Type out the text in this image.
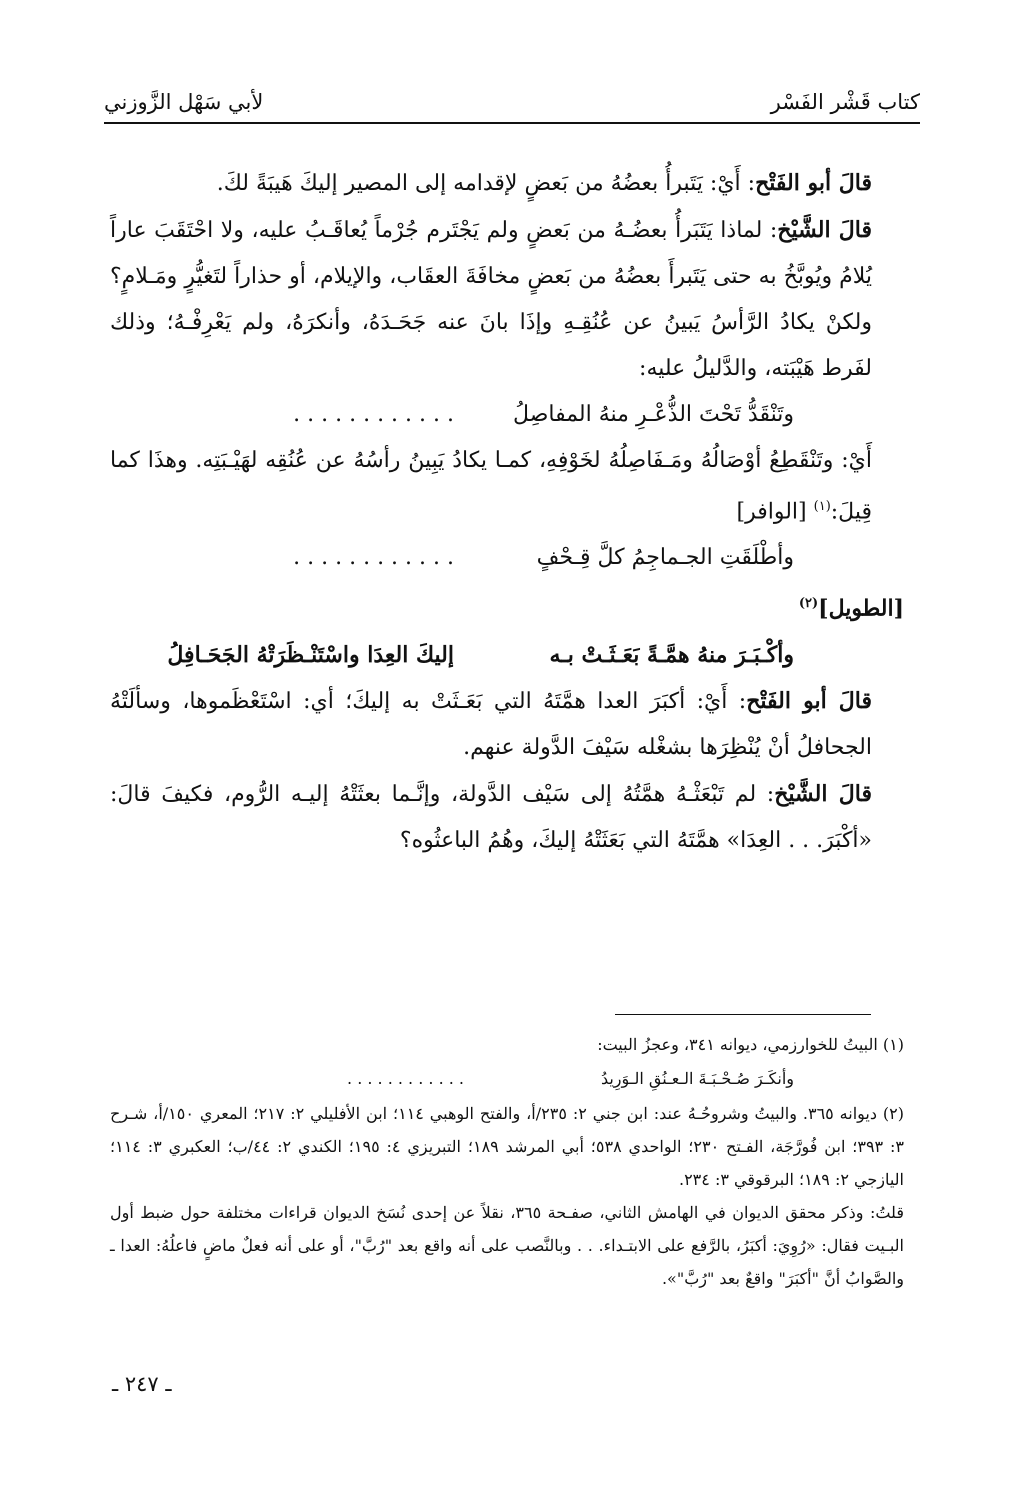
لأبي سَهْل الزَّوزني	كتاب قَشْر الفَسْر

قالَ أبو الفَتْح: أَيْ: يَتَبرأُ بعضُهُ من بَعضٍ لإقدامه إلى المصير إليكَ هَيبَةً لكَ.

قالَ الشَّيْخ: لماذا يَتَبَرأُ بعضُـهُ من بَعضٍ ولم يَجْتَرم جُرْماً يُعاقَـبُ عليه، ولا احْتَقَبَ عاراً يُلامُ ويُوبَّخُ به حتى يَتَبرأَ بعضُهُ من بَعضٍ مخافَةَ العقَاب، والإيلام، أو حذاراً لتَغيُّرٍ ومَـلامٍ؟ ولكنْ يكادُ الرَّأسُ يَبينُ عن عُنُقِـهِ وإذَا بانَ عنه جَحَـدَهُ، وأنكرَهُ، ولم يَعْرِفْـهُ؛ وذلك لفَرط هَيْبَته، والدَّليلُ عليه:

وتَنْقَدُّ تَحْتَ الذُّعْـرِ منهُ المفاصِلُ
. . . . . . . . . . . .

أَيْ: وتَنْقَطِعُ أوْصَالُهُ ومَـفَاصِلُهُ لخَوْفِهِ، كمـا يكادُ يَبِينُ رأسُهُ عن عُنُقِه لهَيْـبَتِه. وهذَا كما قِيلَ:$^{(١)}$ [الوافر]

وأطْلَقَتِ الجـماجِمُ كلَّ قِـحْفٍ
. . . . . . . . . . . .

[الطويل]$^{(٢)}$

وأكْـبَـرَ منهُ همَّـةً بَعَـثَـتْ بـه
إليكَ العِدَا واسْتَنْـظَرَتْهُ الجَحَـافِلُ

قالَ أبو الفَتْح: أَيْ: أكبَرَ العدا همَّتَهُ التي بَعَـثَتْ به إليكَ؛ أي: اسْتَعْظَموها، وسألَتْهُ الجحافلُ أنْ يُنْظِرَها بشغْله سَيْفَ الدَّولة عنهم.

قالَ الشَّيْخ: لم تَبْعَثْـهُ همَّتُهُ إلى سَيْف الدَّولة، وإنَّـما بعثَتْهُ إليـه الرُّوم، فكيفَ قالَ: «أكْبَرَ. . . العِدَا» همَّتَهُ التي بَعَثَتْهُ إليكَ، وهُمُ الباعثُوه؟

(١) البيتُ للخوارزمي، ديوانه ٣٤١، وعجزُ البيت:

وأنكَـرَ صُـحْـبَـةَ الـعـنُقِ الـوَرِيدُ
. . . . . . . . . . . .

(٢) ديوانه ٣٦٥. والبيتُ وشروحُـهُ عند: ابن جني ٢: ٢٣٥/أ، والفتح الوهبي ١١٤؛ ابن الأفليلي ٢: ٢١٧؛ المعري ١٥٠/أ، شـرح ٣: ٣٩٣؛ ابن فُورَّجَة، الفـتح ٢٣٠؛ الواحدي ٥٣٨؛ أبي المرشد ١٨٩؛ التبريزي ٤: ١٩٥؛ الكندي ٢: ٤٤/ب؛ العكبري ٣: ١١٤؛ اليازجي ٢: ١٨٩؛ البرقوقي ٣: ٢٣٤.

قلتُ: وذكر محقق الديوان في الهامش الثاني، صفـحة ٣٦٥، نقلاً عن إحدى نُسَخ الديوان قراءات مختلفة حول ضبط أول البـيت فقال: «رُوِيَ: أكبَرُ، بالرَّفع على الابتـداء. . . وبالنَّصب على أنه واقع بعد "رُبَّ"، أو على أنه فعلٌ ماضٍ فاعلُهُ: العدا ـ والصَّوابُ أنَّ "أكبَرَ" واقعٌ بعد "رُبَّ"».

ـ ٢٤٧ ـ
